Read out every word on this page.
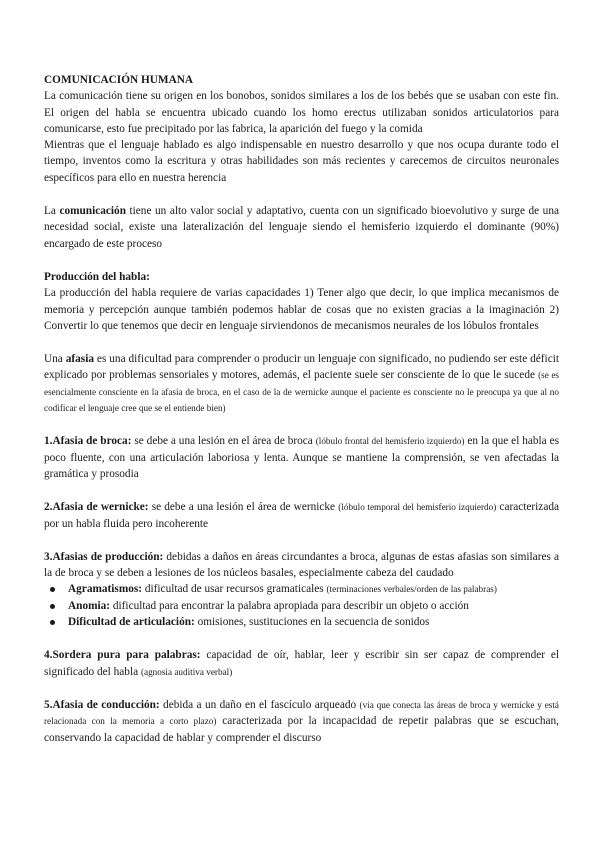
COMUNICACIÓN HUMANA

La comunicación tiene su origen en los bonobos, sonidos similares a los de los bebés que se usaban con este fin. El origen del habla se encuentra ubicado cuando los homo erectus utilizaban sonidos articulatorios para comunicarse, esto fue precipitado por las fabrica, la aparición del fuego y la comida

Mientras que el lenguaje hablado es algo indispensable en nuestro desarrollo y que nos ocupa durante todo el tiempo, inventos como la escritura y otras habilidades son más recientes y carecemos de circuitos neuronales específicos para ello en nuestra herencia

La comunicación tiene un alto valor social y adaptativo, cuenta con un significado bioevolutivo y surge de una necesidad social, existe una lateralización del lenguaje siendo el hemisferio izquierdo el dominante (90%) encargado de este proceso

Producción del habla:

La producción del habla requiere de varias capacidades 1) Tener algo que decir, lo que implica mecanismos de memoria y percepción aunque también podemos hablar de cosas que no existen gracias a la imaginación 2) Convertir lo que tenemos que decir en lenguaje sirviendonos de mecanismos neurales de los lóbulos frontales

Una afasia es una dificultad para comprender o producir un lenguaje con significado, no pudiendo ser este déficit explicado por problemas sensoriales y motores, además, el paciente suele ser consciente de lo que le sucede (se es esencialmente consciente en la afasia de broca, en el caso de la de wernicke aunque el paciente es consciente no le preocupa ya que al no codificar el lenguaje cree que se el entiende bien)

1.Afasia de broca: se debe a una lesión en el área de broca (lóbulo frontal del hemisferio izquierdo) en la que el habla es poco fluente, con una articulación laboriosa y lenta. Aunque se mantiene la comprensión, se ven afectadas la gramática y prosodia

2.Afasia de wernicke: se debe a una lesión el área de wernicke (lóbulo temporal del hemisferio izquierdo) caracterizada por un habla fluida pero incoherente

3.Afasias de producción: debidas a daños en áreas circundantes a broca, algunas de estas afasias son similares a la de broca y se deben a lesiones de los núcleos basales, especialmente cabeza del caudado

Agramatismos: dificultad de usar recursos gramaticales (terminaciones verbales/orden de las palabras)
Anomia: dificultad para encontrar la palabra apropiada para describir un objeto o acción
Dificultad de articulación: omisiones, sustituciones en la secuencia de sonidos

4.Sordera pura para palabras: capacidad de oír, hablar, leer y escribir sin ser capaz de comprender el significado del habla (agnosia auditiva verbal)

5.Afasia de conducción: debida a un daño en el fascículo arqueado (vía que conecta las áreas de broca y wernicke y está relacionada con la memoria a corto plazo) caracterizada por la incapacidad de repetir palabras que se escuchan, conservando la capacidad de hablar y comprender el discurso
